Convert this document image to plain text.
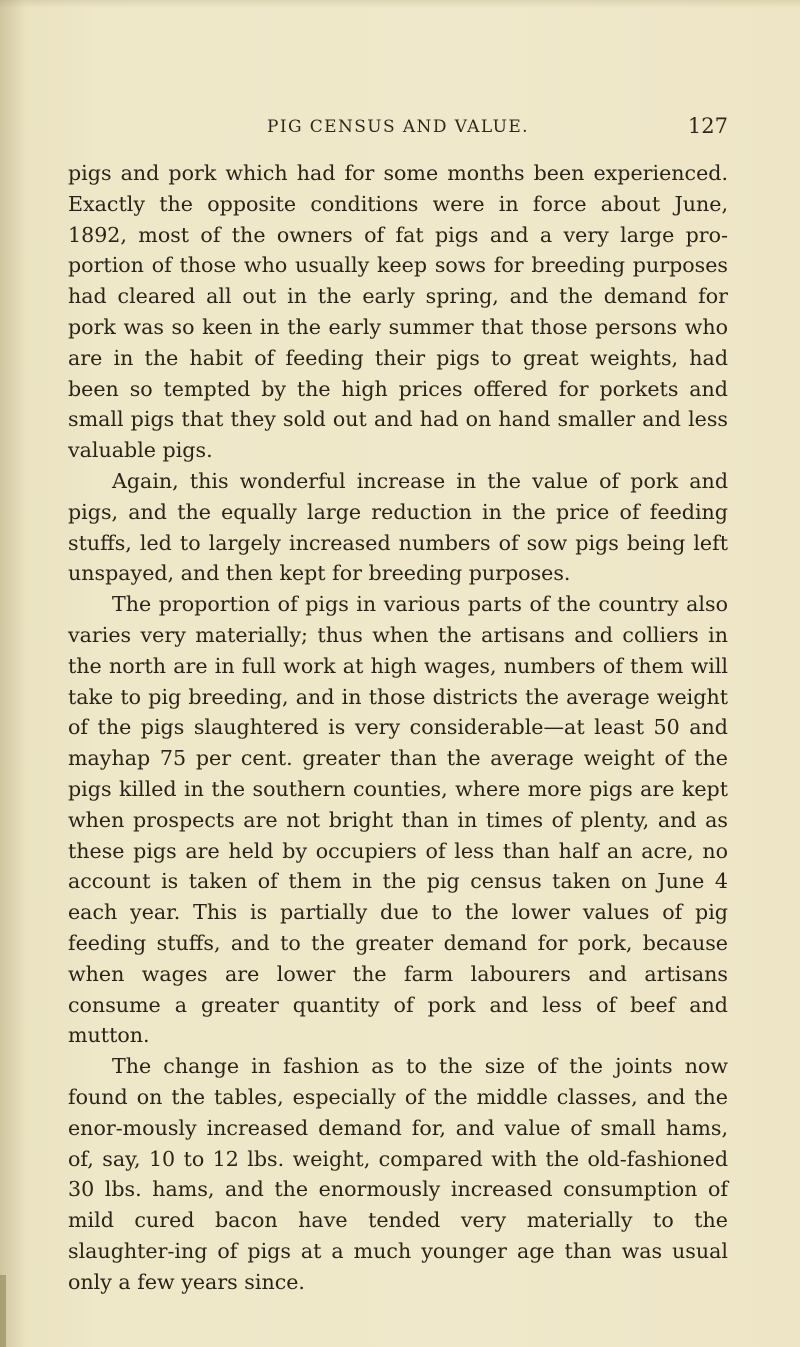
PIG CENSUS AND VALUE.	127

pigs and pork which had for some months been experienced. Exactly the opposite conditions were in force about June, 1892, most of the owners of fat pigs and a very large pro-portion of those who usually keep sows for breeding purposes had cleared all out in the early spring, and the demand for pork was so keen in the early summer that those persons who are in the habit of feeding their pigs to great weights, had been so tempted by the high prices offered for porkets and small pigs that they sold out and had on hand smaller and less valuable pigs.

Again, this wonderful increase in the value of pork and pigs, and the equally large reduction in the price of feeding stuffs, led to largely increased numbers of sow pigs being left unspayed, and then kept for breeding purposes.

The proportion of pigs in various parts of the country also varies very materially; thus when the artisans and colliers in the north are in full work at high wages, numbers of them will take to pig breeding, and in those districts the average weight of the pigs slaughtered is very considerable—at least 50 and mayhap 75 per cent. greater than the average weight of the pigs killed in the southern counties, where more pigs are kept when prospects are not bright than in times of plenty, and as these pigs are held by occupiers of less than half an acre, no account is taken of them in the pig census taken on June 4 each year. This is partially due to the lower values of pig feeding stuffs, and to the greater demand for pork, because when wages are lower the farm labourers and artisans consume a greater quantity of pork and less of beef and mutton.

The change in fashion as to the size of the joints now found on the tables, especially of the middle classes, and the enor-mously increased demand for, and value of small hams, of, say, 10 to 12 lbs. weight, compared with the old-fashioned 30 lbs. hams, and the enormously increased consumption of mild cured bacon have tended very materially to the slaughter-ing of pigs at a much younger age than was usual only a few years since.
